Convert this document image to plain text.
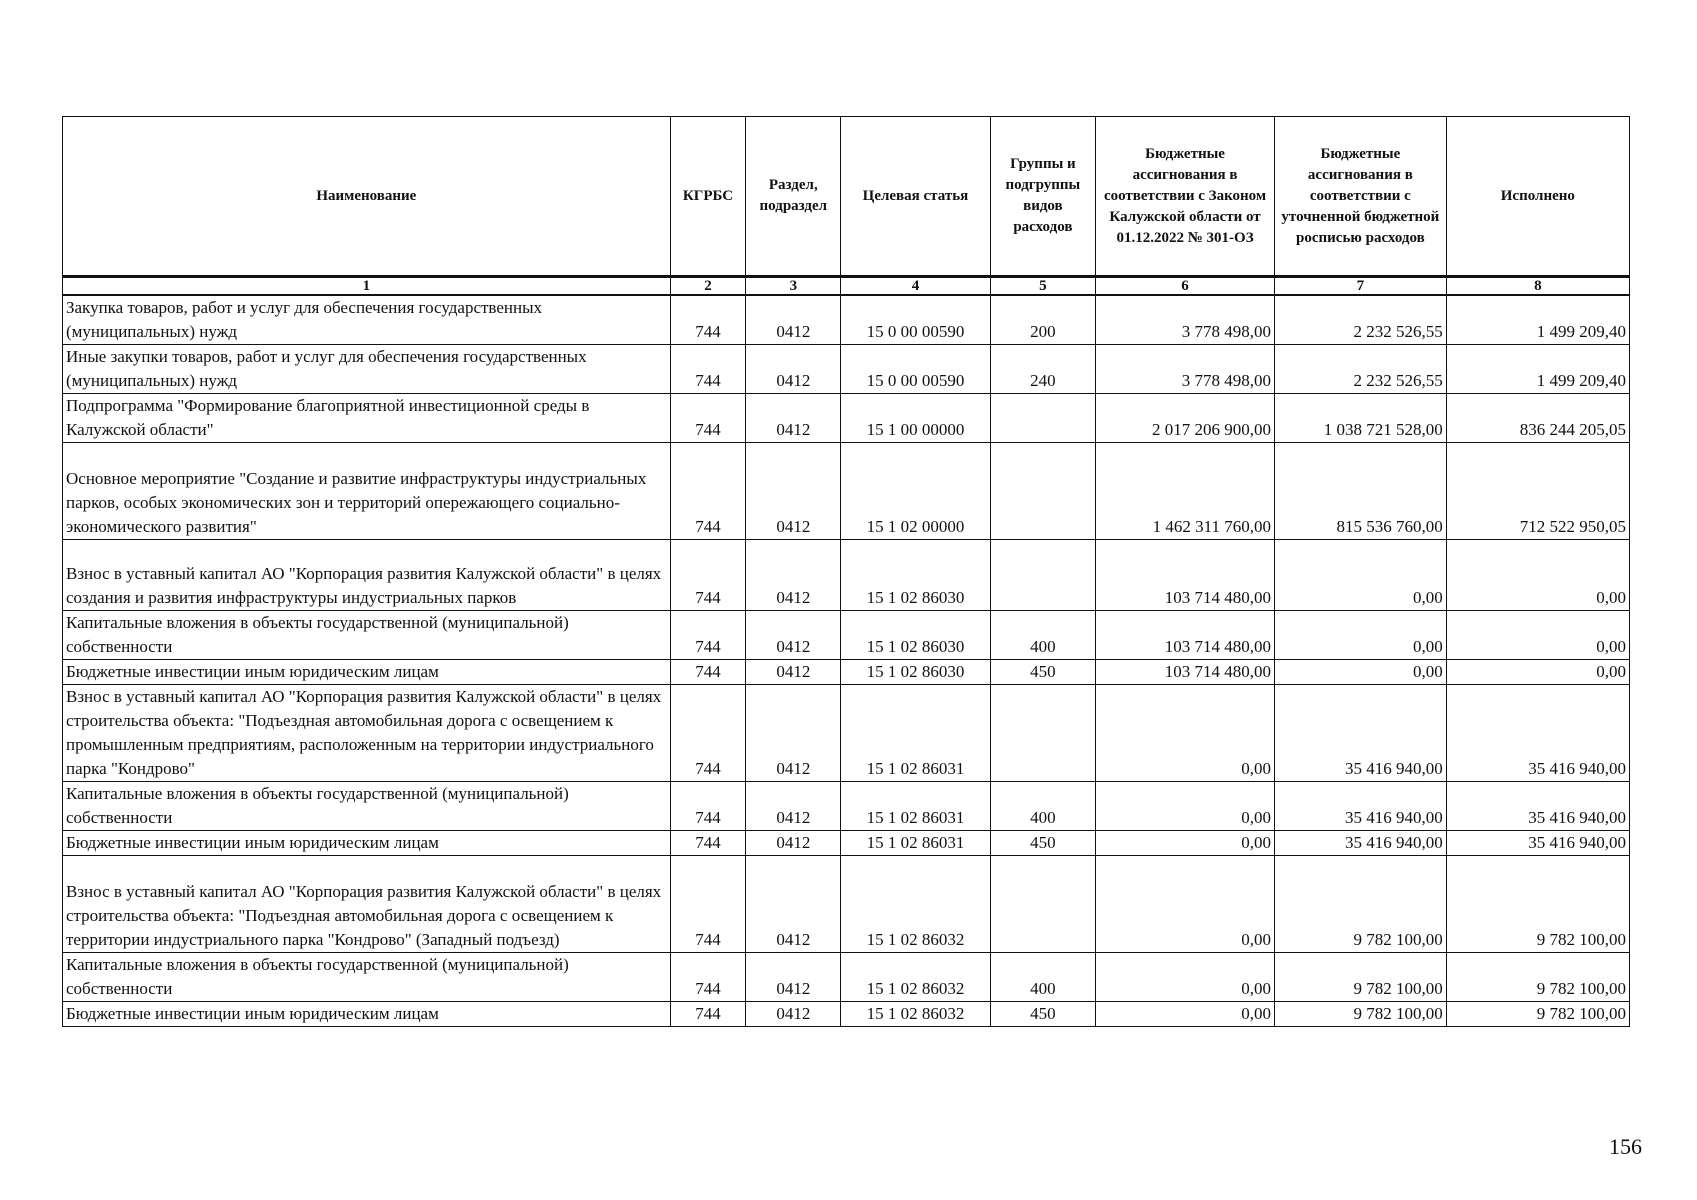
Наименование	КГРБС	Раздел, подраздел	Целевая статья	Группы и подгруппы видов расходов	Бюджетные ассигнования в соответствии с Законом Калужской области от 01.12.2022 № 301-ОЗ	Бюджетные ассигнования в соответствии с уточненной бюджетной росписью расходов	Исполнено
1	2	3	4	5	6	7	8
Закупка товаров, работ и услуг для обеспечения государственных (муниципальных) нужд	744	0412	15 0 00 00590	200	3 778 498,00	2 232 526,55	1 499 209,40
Иные закупки товаров, работ и услуг для обеспечения государственных (муниципальных) нужд	744	0412	15 0 00 00590	240	3 778 498,00	2 232 526,55	1 499 209,40
Подпрограмма "Формирование благоприятной инвестиционной среды в Калужской области"	744	0412	15 1 00 00000		2 017 206 900,00	1 038 721 528,00	836 244 205,05
Основное мероприятие "Создание и развитие инфраструктуры индустриальных парков, особых экономических зон и территорий опережающего социально-экономического развития"	744	0412	15 1 02 00000		1 462 311 760,00	815 536 760,00	712 522 950,05
Взнос в уставный капитал АО "Корпорация развития Калужской области" в целях создания и развития инфраструктуры индустриальных парков	744	0412	15 1 02 86030		103 714 480,00	0,00	0,00
Капитальные вложения в объекты государственной (муниципальной) собственности	744	0412	15 1 02 86030	400	103 714 480,00	0,00	0,00
Бюджетные инвестиции иным юридическим лицам	744	0412	15 1 02 86030	450	103 714 480,00	0,00	0,00
Взнос в уставный капитал АО "Корпорация развития Калужской области" в целях строительства объекта: "Подъездная автомобильная дорога с освещением к промышленным предприятиям, расположенным на территории индустриального парка "Кондрово"	744	0412	15 1 02 86031		0,00	35 416 940,00	35 416 940,00
Капитальные вложения в объекты государственной (муниципальной) собственности	744	0412	15 1 02 86031	400	0,00	35 416 940,00	35 416 940,00
Бюджетные инвестиции иным юридическим лицам	744	0412	15 1 02 86031	450	0,00	35 416 940,00	35 416 940,00
Взнос в уставный капитал АО "Корпорация развития Калужской области" в целях строительства объекта: "Подъездная автомобильная дорога с освещением к территории индустриального парка "Кондрово" (Западный подъезд)	744	0412	15 1 02 86032		0,00	9 782 100,00	9 782 100,00
Капитальные вложения в объекты государственной (муниципальной) собственности	744	0412	15 1 02 86032	400	0,00	9 782 100,00	9 782 100,00
Бюджетные инвестиции иным юридическим лицам	744	0412	15 1 02 86032	450	0,00	9 782 100,00	9 782 100,00
156
